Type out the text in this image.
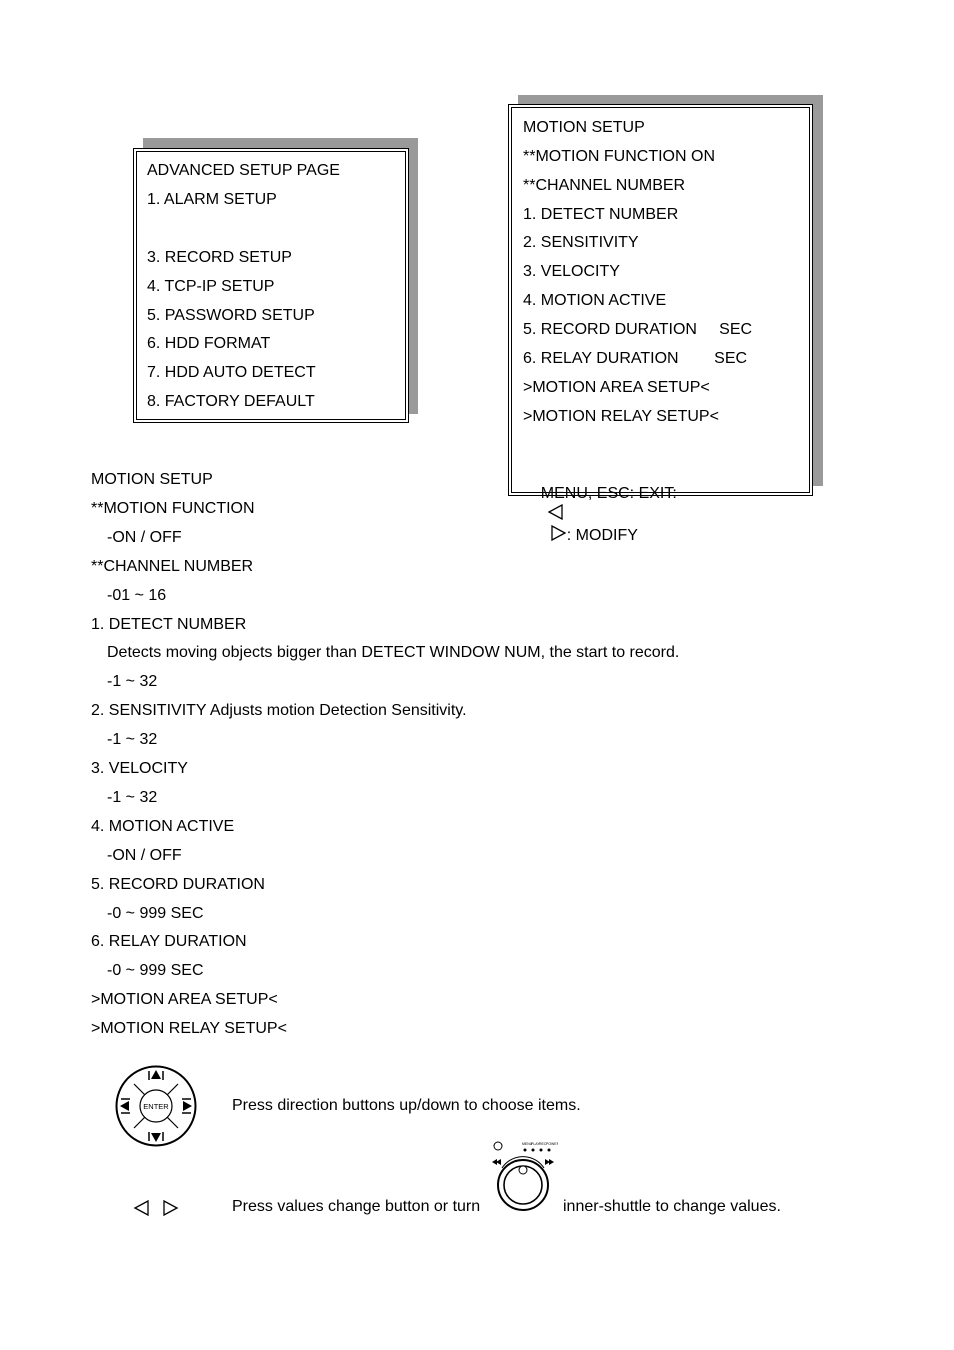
ADVANCED SETUP PAGE
1. ALARM SETUP
3. RECORD SETUP
4. TCP-IP SETUP
5. PASSWORD SETUP
6. HDD FORMAT
7. HDD AUTO DETECT
8. FACTORY DEFAULT
MOTION SETUP
**MOTION FUNCTION ON
**CHANNEL NUMBER
1. DETECT NUMBER
2. SENSITIVITY
3. VELOCITY
4. MOTION ACTIVE
5. RECORD DURATION     SEC
6. RELAY DURATION        SEC
>MOTION AREA SETUP<
>MOTION RELAY SETUP<

MENU, ESC: EXIT:

: MODIFY

MOTION SETUP
**MOTION FUNCTION
-ON / OFF
**CHANNEL NUMBER
-01 ~ 16
1. DETECT NUMBER
Detects moving objects bigger than DETECT WINDOW NUM, the start to record.
-1 ~ 32
2. SENSITIVITY Adjusts motion Detection Sensitivity.
-1 ~ 32
3. VELOCITY
-1 ~ 32
4. MOTION ACTIVE
-ON / OFF
5. RECORD DURATION
-0 ~ 999 SEC
6. RELAY DURATION
-0 ~ 999 SEC
>MOTION AREA SETUP<
>MOTION RELAY SETUP<
ENTER	Press direction buttons up/down to choose items.
Press values change button or turn
MENU
PLAY REC POWER
inner-shuttle to change values.
